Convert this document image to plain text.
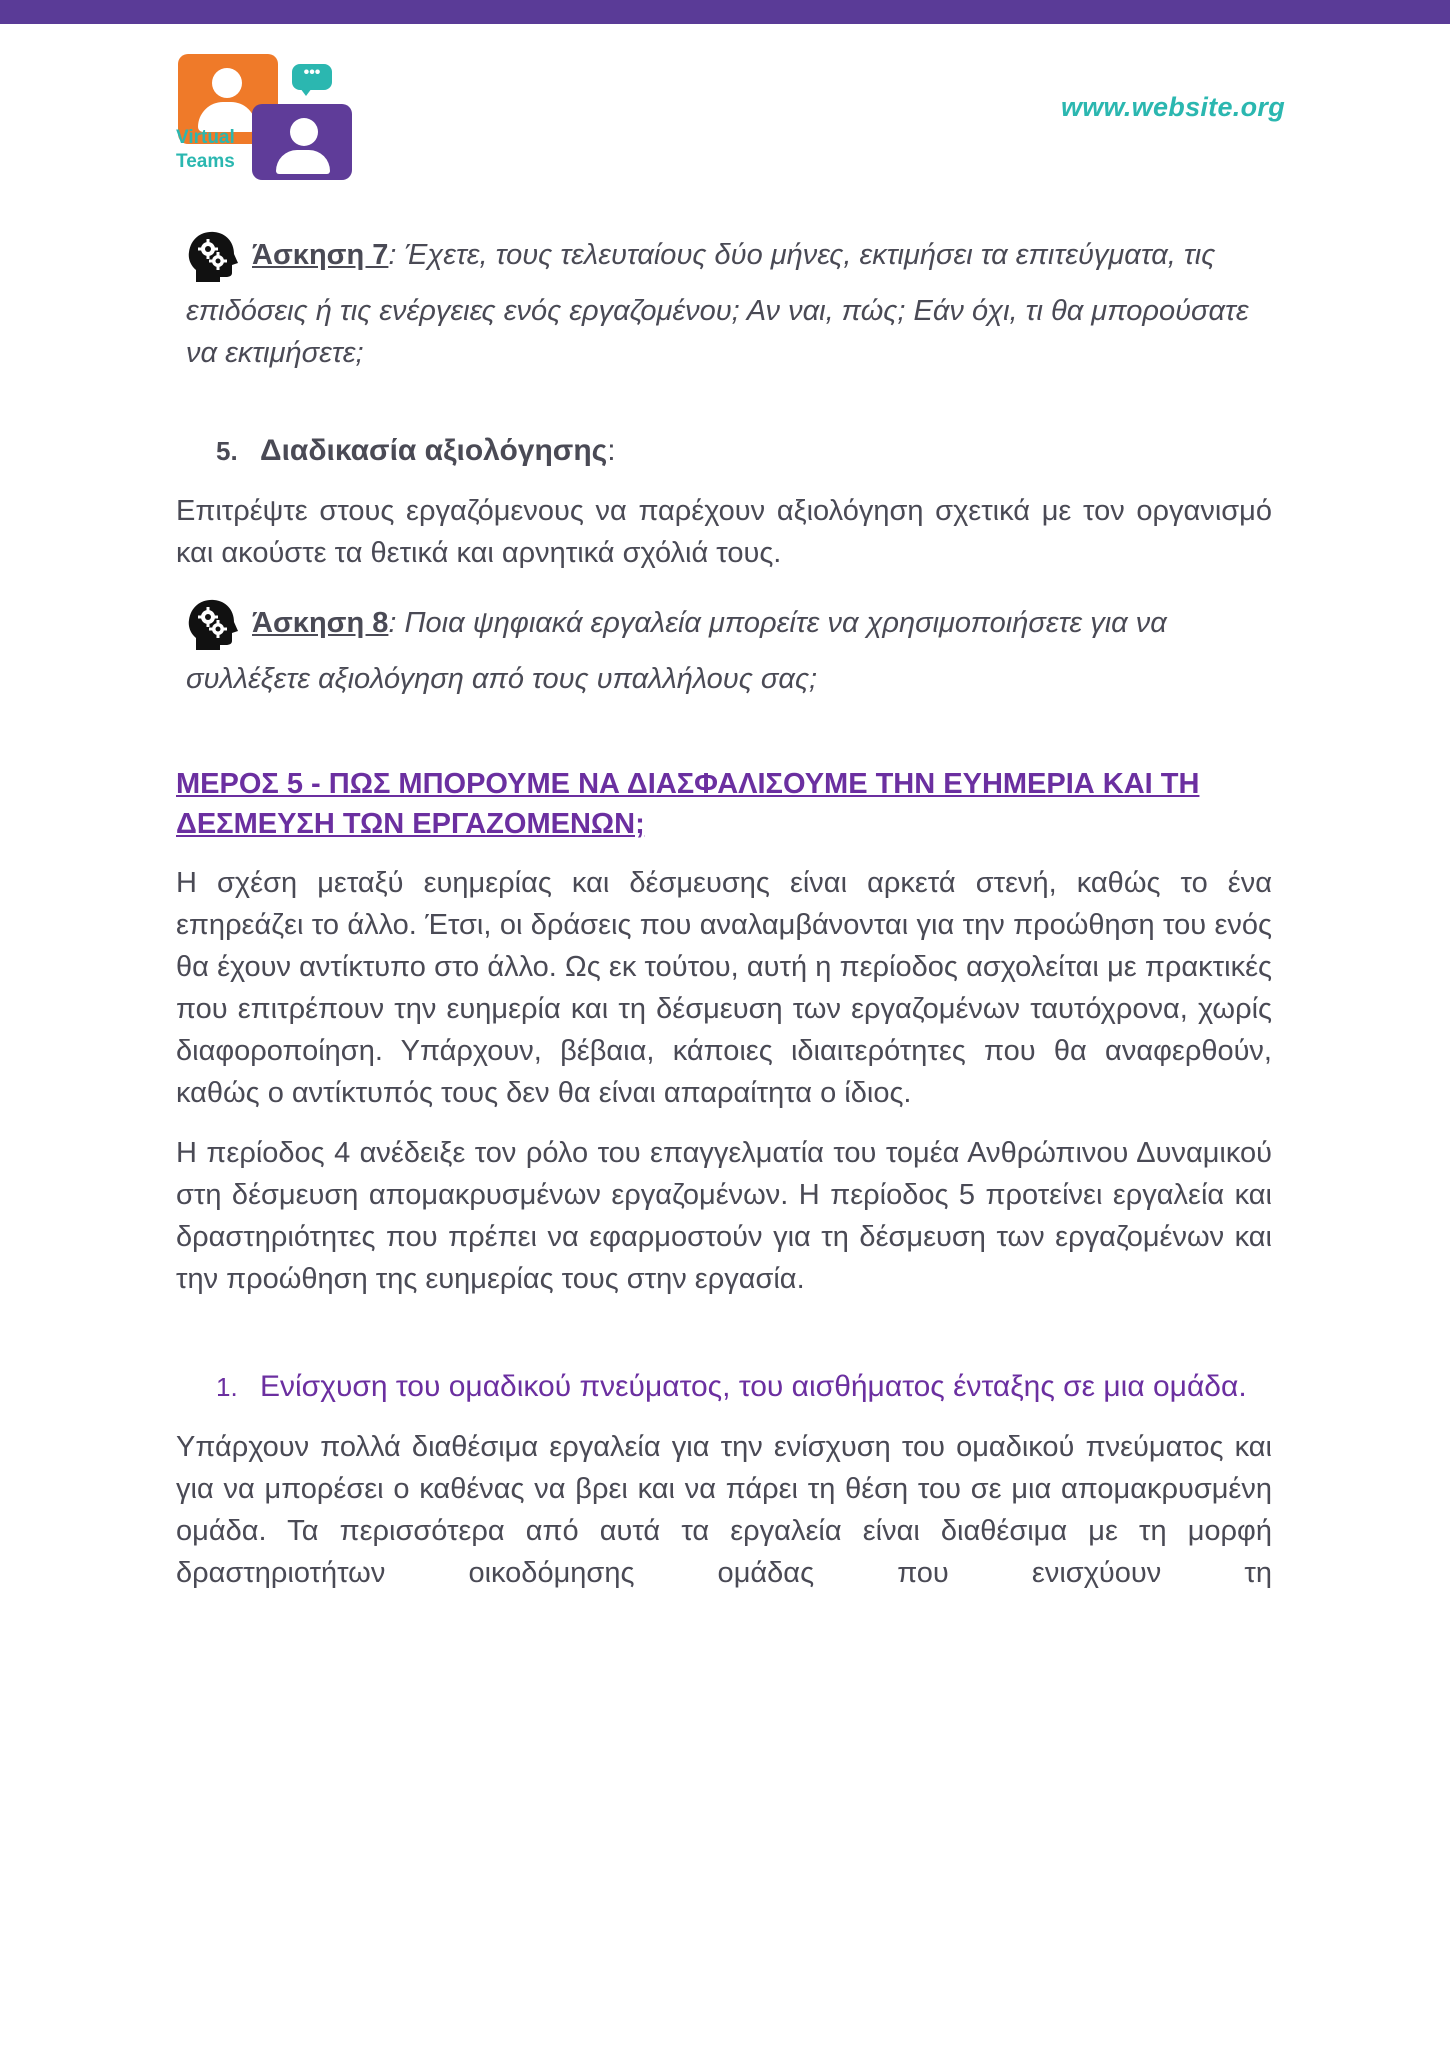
•••
Virtual
Teams
www.website.org

Άσκηση 7: Έχετε, τους τελευταίους δύο μήνες, εκτιμήσει τα επιτεύγματα, τις επιδόσεις ή τις ενέργειες ενός εργαζομένου; Αν ναι, πώς; Εάν όχι, τι θα μπορούσατε να εκτιμήσετε;

5. Διαδικασία αξιολόγησης:

Επιτρέψτε στους εργαζόμενους να παρέχουν αξιολόγηση σχετικά με τον οργανισμό και ακούστε τα θετικά και αρνητικά σχόλιά τους.

Άσκηση 8: Ποια ψηφιακά εργαλεία μπορείτε να χρησιμοποιήσετε για να συλλέξετε αξιολόγηση από τους υπαλλήλους σας;

ΜΕΡΟΣ 5 - ΠΩΣ ΜΠΟΡΟΥΜΕ ΝΑ ΔΙΑΣΦΑΛΙΣΟΥΜΕ ΤΗΝ ΕΥΗΜΕΡΙΑ ΚΑΙ ΤΗ ΔΕΣΜΕΥΣΗ ΤΩΝ ΕΡΓΑΖΟΜΕΝΩΝ;

Η σχέση μεταξύ ευημερίας και δέσμευσης είναι αρκετά στενή, καθώς το ένα επηρεάζει το άλλο. Έτσι, οι δράσεις που αναλαμβάνονται για την προώθηση του ενός θα έχουν αντίκτυπο στο άλλο. Ως εκ τούτου, αυτή η περίοδος ασχολείται με πρακτικές που επιτρέπουν την ευημερία και τη δέσμευση των εργαζομένων ταυτόχρονα, χωρίς διαφοροποίηση. Υπάρχουν, βέβαια, κάποιες ιδιαιτερότητες που θα αναφερθούν, καθώς ο αντίκτυπός τους δεν θα είναι απαραίτητα ο ίδιος.

Η περίοδος 4 ανέδειξε τον ρόλο του επαγγελματία του τομέα Ανθρώπινου Δυναμικού στη δέσμευση απομακρυσμένων εργαζομένων. Η περίοδος 5 προτείνει εργαλεία και δραστηριότητες που πρέπει να εφαρμοστούν για τη δέσμευση των εργαζομένων και την προώθηση της ευημερίας τους στην εργασία.

1. Ενίσχυση του ομαδικού πνεύματος, του αισθήματος ένταξης σε μια ομάδα.

Υπάρχουν πολλά διαθέσιμα εργαλεία για την ενίσχυση του ομαδικού πνεύματος και για να μπορέσει ο καθένας να βρει και να πάρει τη θέση του σε μια απομακρυσμένη ομάδα. Τα περισσότερα από αυτά τα εργαλεία είναι διαθέσιμα με τη μορφή δραστηριοτήτων οικοδόμησης ομάδας που ενισχύουν τη
